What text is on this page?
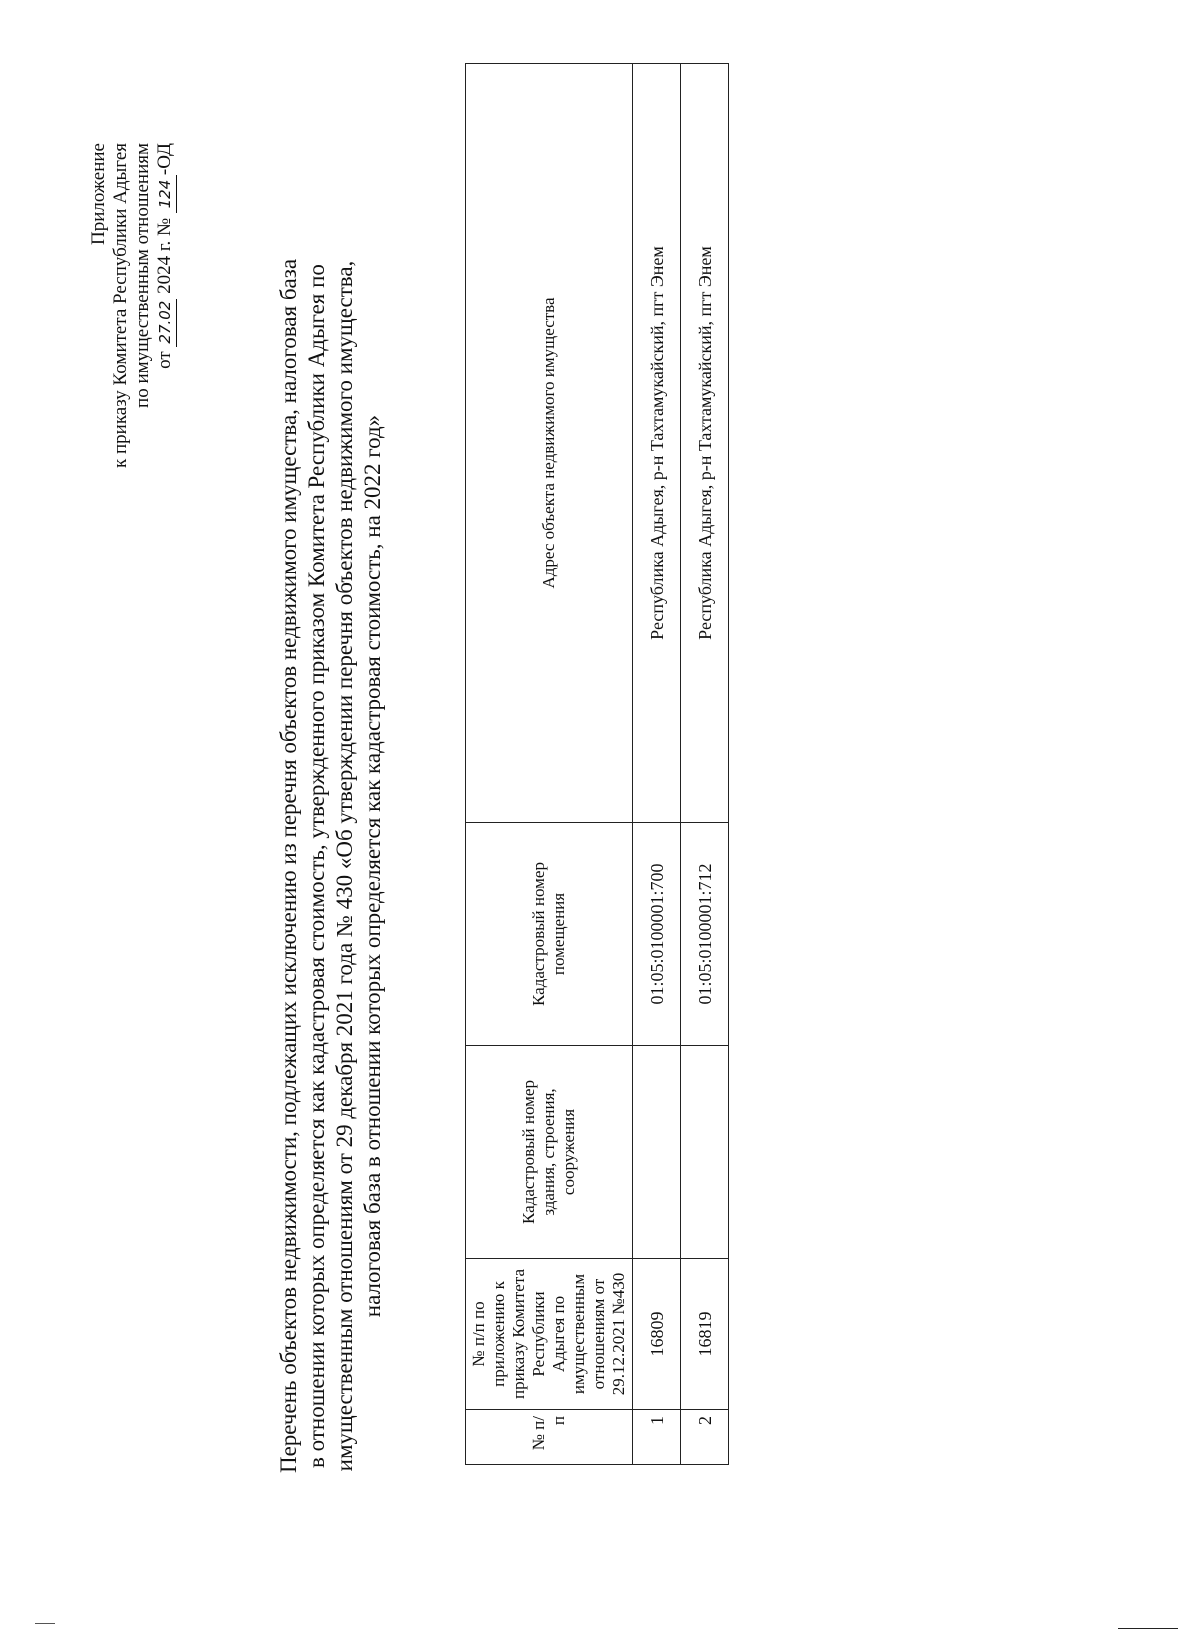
Приложение к приказу Комитета Республики Адыгея по имущественным отношениям от 27.02 2024 г. № 124-ОД
Перечень объектов недвижимости, подлежащих исключению из перечня объектов недвижимого имущества, налоговая база в отношении которых определяется как кадастровая стоимость, утвержденного приказом Комитета Республики Адыгея по имущественным отношениям от 29 декабря 2021 года № 430 «Об утверждении перечня объектов недвижимого имущества, налоговая база в отношении которых определяется как кадастровая стоимость, на 2022 год»
№ п/п	№ п/п по приложению к приказу Комитета Республики Адыгея по имущественным отношениям от 29.12.2021 №430	Кадастровый номер здания, строения, сооружения	Кадастровый номер помещения	Адрес объекта недвижимого имущества
1	16809		01:05:0100001:700	Республика Адыгея, р-н Тахтамукайский, пгт Энем
2	16819		01:05:0100001:712	Республика Адыгея, р-н Тахтамукайский, пгт Энем
